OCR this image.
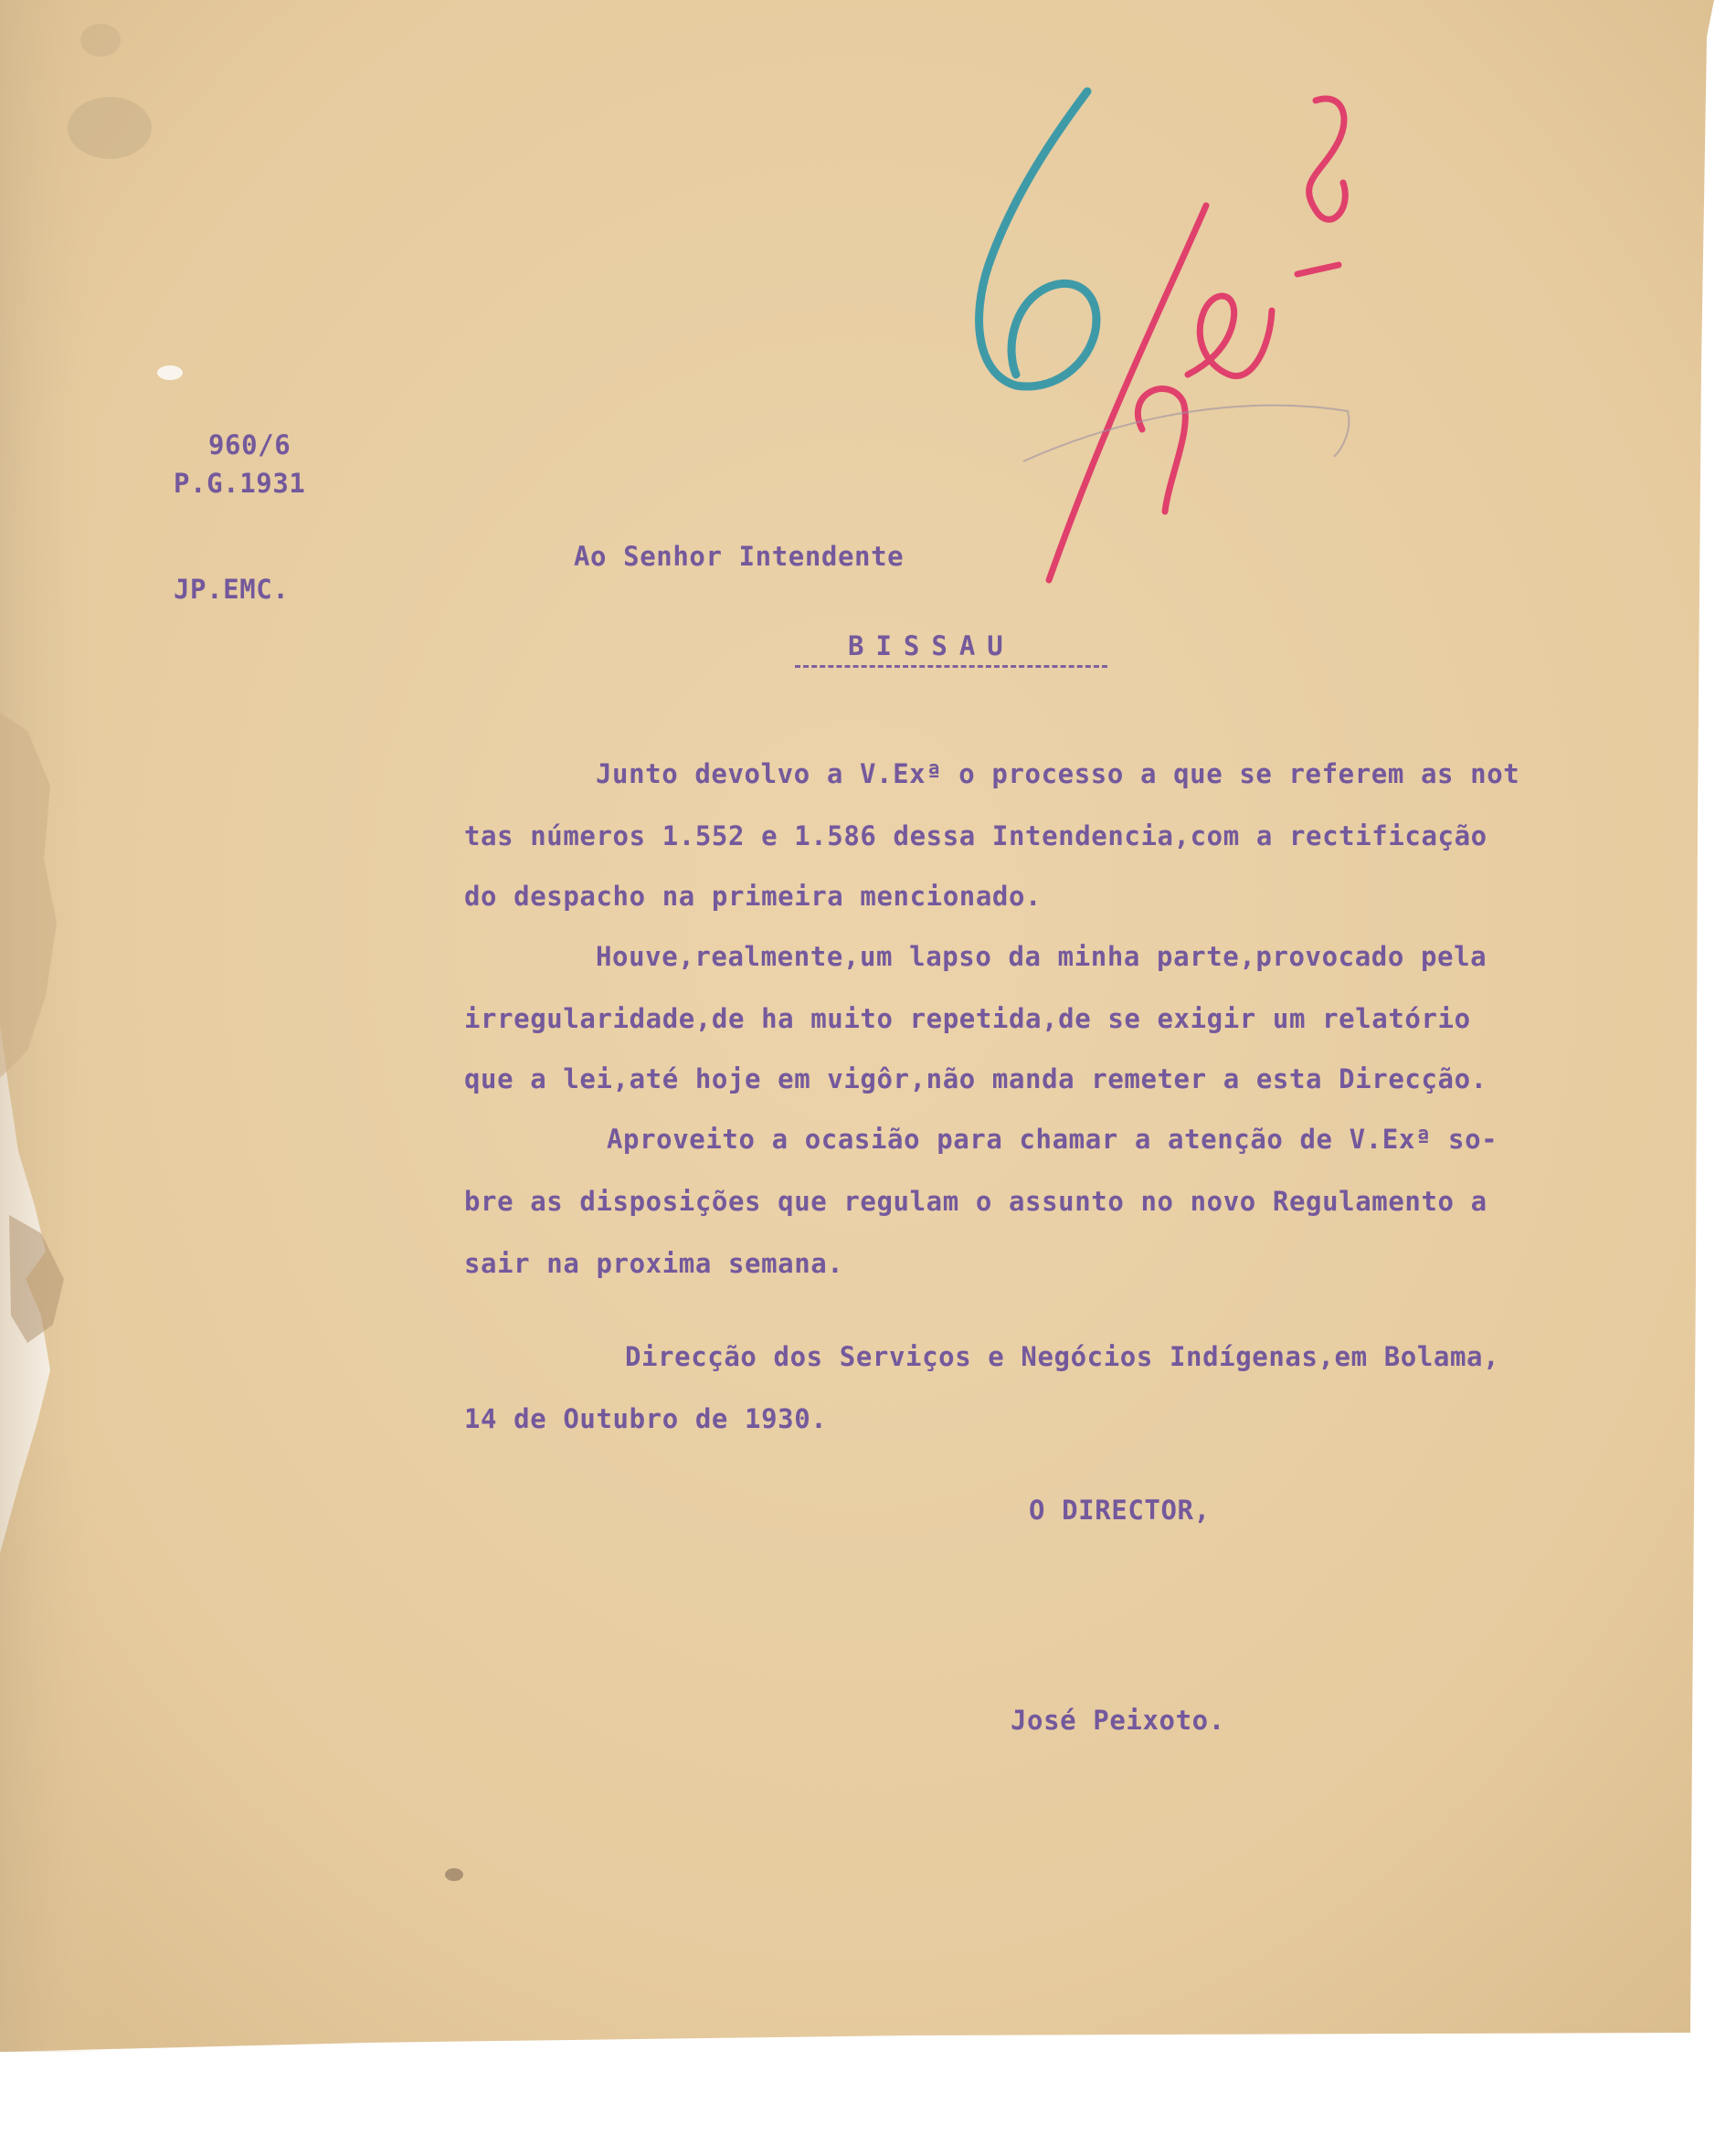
960/6
P.G.1931
JP.EMC.
Ao Senhor Intendente
BISSAU
Junto devolvo a V.Exª o processo a que se referem as not
tas números 1.552 e 1.586 dessa Intendencia,com a rectificação
do despacho na primeira mencionado.
Houve,realmente,um lapso da minha parte,provocado pela
irregularidade,de ha muito repetida,de se exigir um relatório
que a lei,até hoje em vigôr,não manda remeter a esta Direcção.
Aproveito a ocasião para chamar a atenção de V.Exª so-
bre as disposições que regulam o assunto no novo Regulamento a
sair na proxima semana.
Direcção dos Serviços e Negócios Indígenas,em Bolama,
14 de Outubro de 1930.
O DIRECTOR,
José Peixoto.
